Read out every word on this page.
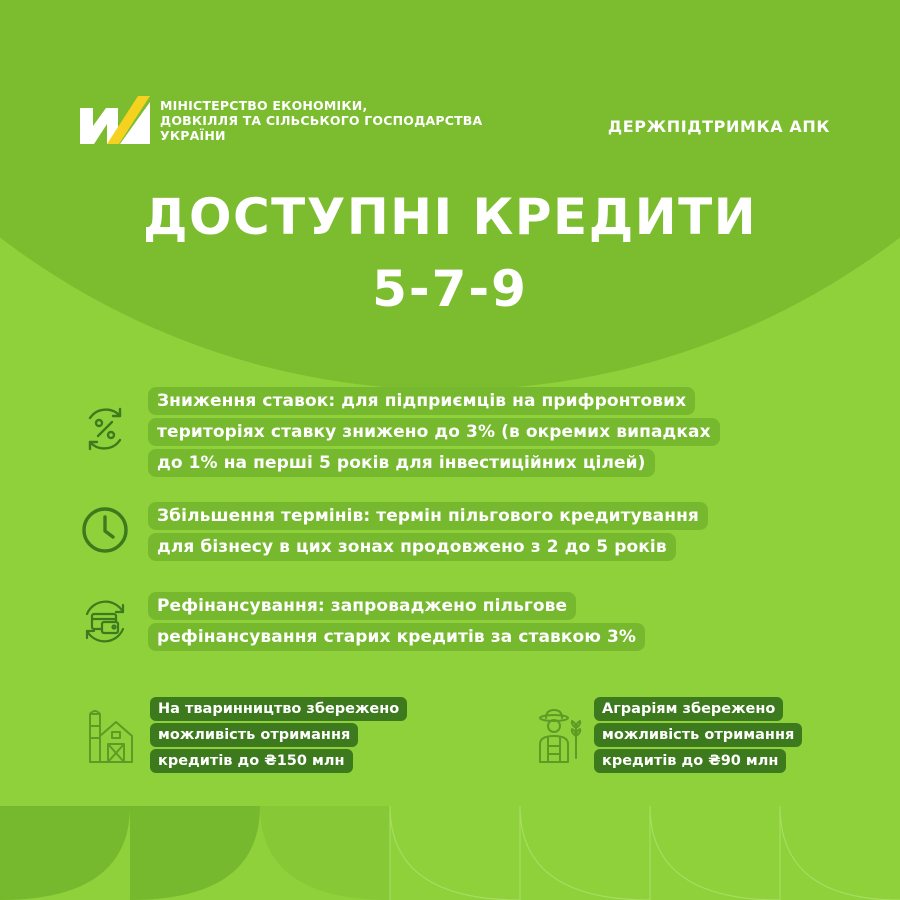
МІНІСТЕРСТВО ЕКОНОМІКИ,
ДОВКІЛЛЯ ТА СІЛЬСЬКОГО ГОСПОДАРСТВА
УКРАЇНИ	ДЕРЖПІДТРИМКА АПК
ДОСТУПНІ КРЕДИТИ
5-7-9
Зниження ставок: для підприємців на прифронтових
територіях ставку знижено до 3% (в окремих випадках
до 1% на перші 5 років для інвестиційних цілей)
Збільшення термінів: термін пільгового кредитування
для бізнесу в цих зонах продовжено з 2 до 5 років
Рефінансування: запроваджено пільгове
рефінансування старих кредитів за ставкою 3%
На тваринництво збережено
можливість отримання
кредитів до ₴150 млн
Аграріям збережено
можливість отримання
кредитів до ₴90 млн
